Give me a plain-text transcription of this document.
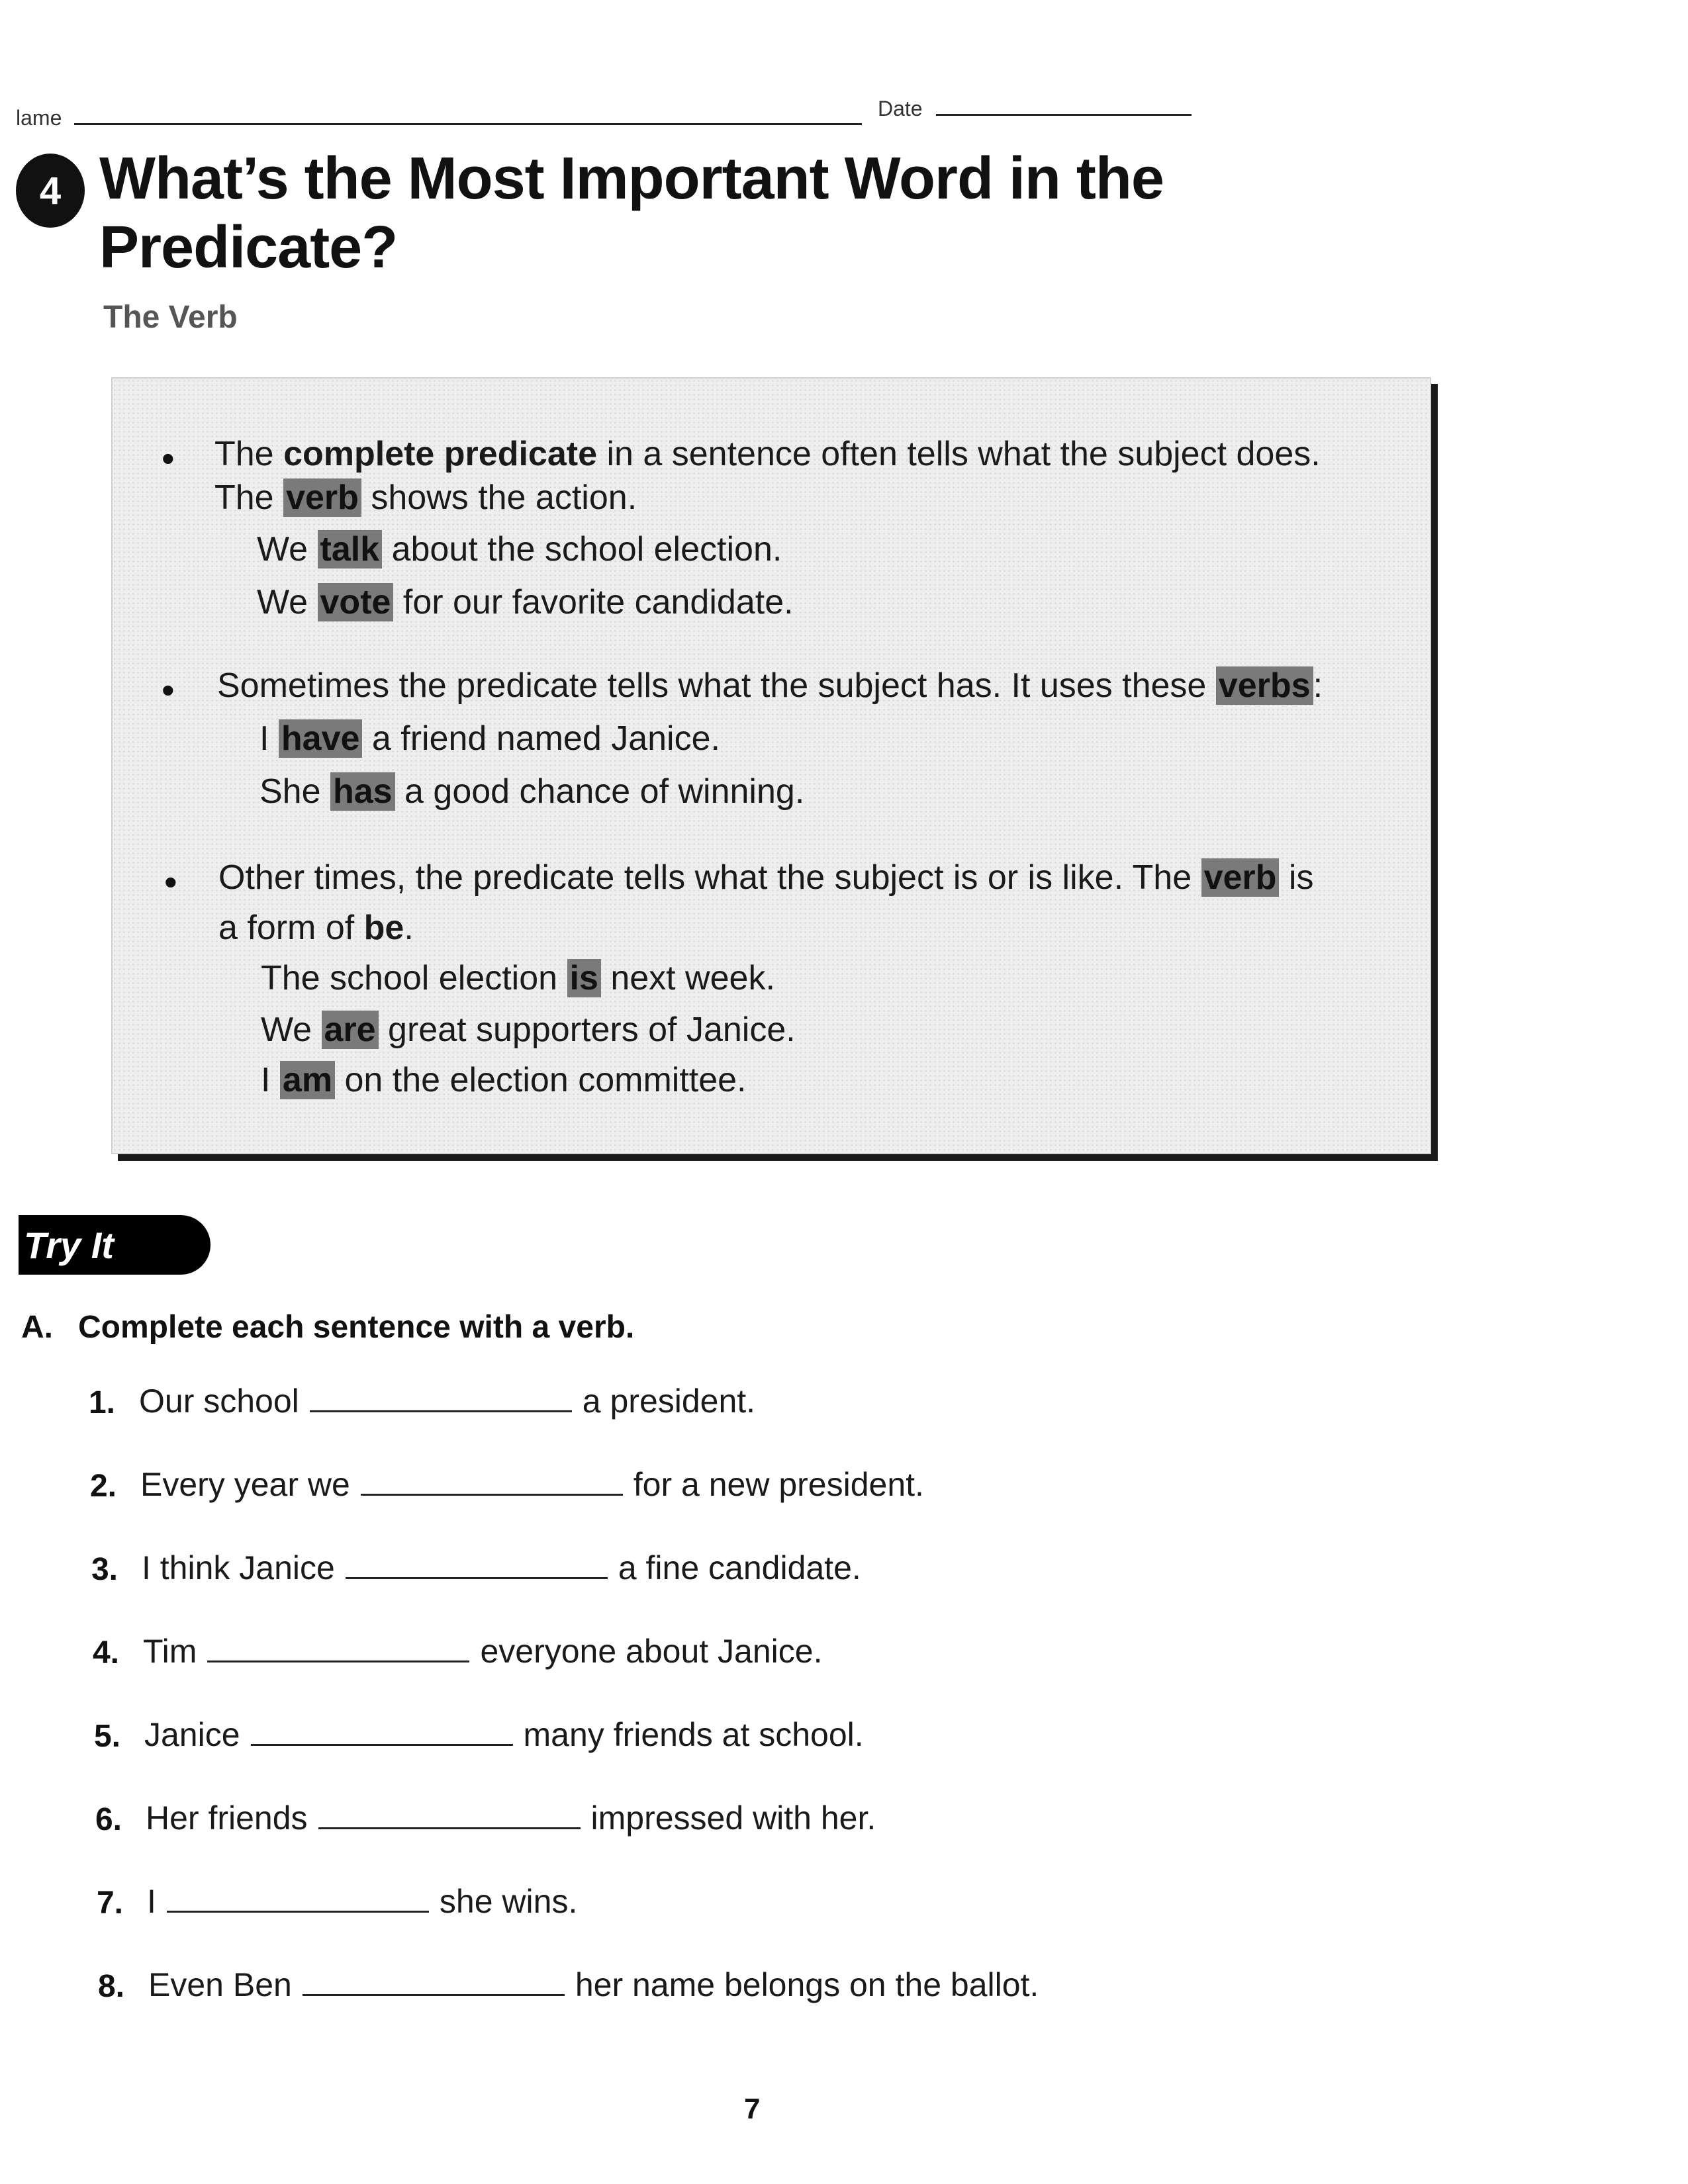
lame	Date
4 What’s the Most Important Word in the
Predicate?
The Verb
• The complete predicate in a sentence often tells what the subject does.
The verb shows the action.
We talk about the school election.
We vote for our favorite candidate.
• Sometimes the predicate tells what the subject has. It uses these verbs:
I have a friend named Janice.
She has a good chance of winning.
• Other times, the predicate tells what the subject is or is like. The verb is
a form of be.
The school election is next week.
We are great supporters of Janice.
I am on the election committee.
Try It
A. Complete each sentence with a verb.
1. Our school	a president.
2. Every year we	for a new president.
3. I think Janice	a fine candidate.
4. Tim	everyone about Janice.
5. Janice	many friends at school.
6. Her friends	impressed with her.
7. I	she wins.
8. Even Ben	her name belongs on the ballot.
7
